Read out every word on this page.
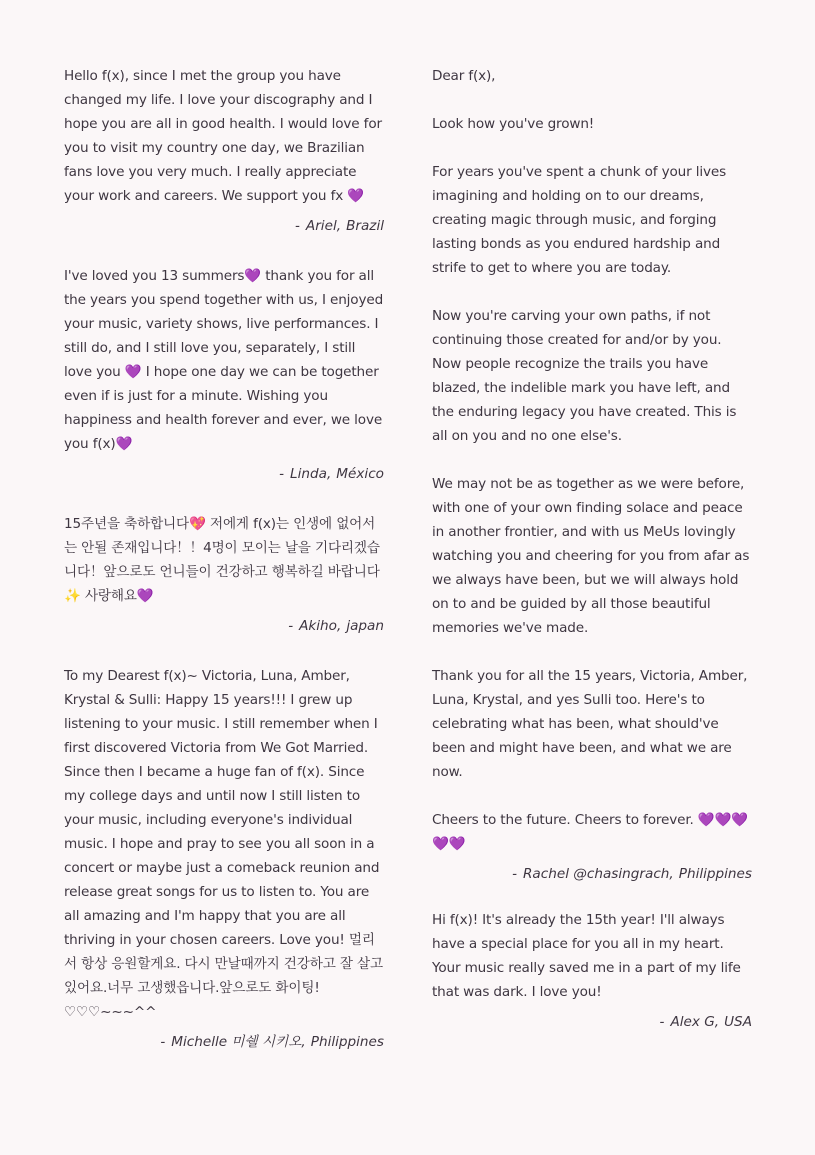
Hello f(x), since I met the group you have changed my life. I love your discography and I hope you are all in good health. I would love for you to visit my country one day, we Brazilian fans love you very much. I really appreciate your work and careers. We support you fx 💜

- Ariel, Brazil

I've loved you 13 summers💜 thank you for all the years you spend together with us, I enjoyed your music, variety shows, live performances. I still do, and I still love you, separately, I still love you 💜 I hope one day we can be together even if is just for a minute. Wishing you happiness and health forever and ever, we love you f(x)💜

- Linda, México

15주년을 축하합니다💖 저에게 f(x)는 인생에 없어서는 안될 존재입니다！！4명이 모이는 날을 기다리겠습니다！앞으로도 언니들이 건강하고 행복하길 바랍니다✨ 사랑해요💜

- Akiho, japan

To my Dearest f(x)~ Victoria, Luna, Amber, Krystal & Sulli: Happy 15 years!!! I grew up listening to your music. I still remember when I first discovered Victoria from We Got Married. Since then I became a huge fan of f(x). Since my college days and until now I still listen to your music, including everyone's individual music. I hope and pray to see you all soon in a concert or maybe just a comeback reunion and release great songs for us to listen to. You are all amazing and I'm happy that you are all thriving in your chosen careers. Love you! 멀리서 항상 응원할게요. 다시 만날때까지 건강하고 잘 살고 있어요.너무 고생했읍니다.앞으로도 화이팅!♡♡♡~~~^^

- Michelle 미쉘 시키오, Philippines

Dear f(x),

Look how you've grown!

For years you've spent a chunk of your lives imagining and holding on to our dreams, creating magic through music, and forging lasting bonds as you endured hardship and strife to get to where you are today.

Now you're carving your own paths, if not continuing those created for and/or by you. Now people recognize the trails you have blazed, the indelible mark you have left, and the enduring legacy you have created. This is all on you and no one else's.

We may not be as together as we were before, with one of your own finding solace and peace in another frontier, and with us MeUs lovingly watching you and cheering for you from afar as we always have been, but we will always hold on to and be guided by all those beautiful memories we've made.

Thank you for all the 15 years, Victoria, Amber, Luna, Krystal, and yes Sulli too. Here's to celebrating what has been, what should've been and might have been, and what we are now.

Cheers to the future. Cheers to forever. 💜💜💜💜💜

- Rachel @chasingrach, Philippines

Hi f(x)! It's already the 15th year! I'll always have a special place for you all in my heart. Your music really saved me in a part of my life that was dark. I love you!

- Alex G, USA
